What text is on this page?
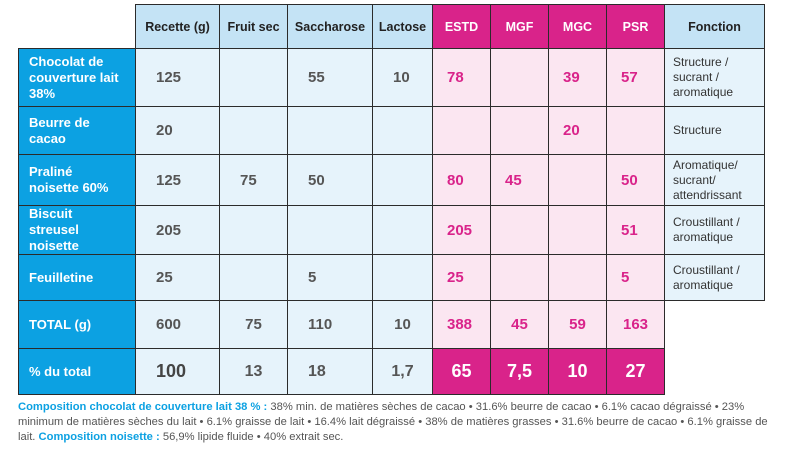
	Recette (g)	Fruit sec	Saccharose	Lactose	ESTD	MGF	MGC	PSR	Fonction
Chocolat de couverture lait 38%	125		55	10	78		39	57	Structure / sucrant / aromatique
Beurre de cacao	20						20		Structure
Praliné noisette 60%	125	75	50		80	45		50	Aromatique/ sucrant/ attendrissant
Biscuit streusel noisette	205				205			51	Croustillant / aromatique
Feuilletine	25		5		25			5	Croustillant / aromatique
TOTAL (g)	600	75	110	10	388	45	59	163	
% du total	100	13	18	1,7	65	7,5	10	27	

Composition chocolat de couverture lait 38 % : 38% min. de matières sèches de cacao • 31.6% beurre de cacao • 6.1% cacao dégraissé • 23% minimum de matières sèches du lait • 6.1% graisse de lait • 16.4% lait dégraissé • 38% de matières grasses • 31.6% beurre de cacao • 6.1% graisse de lait. Composition noisette : 56,9% lipide fluide • 40% extrait sec.
